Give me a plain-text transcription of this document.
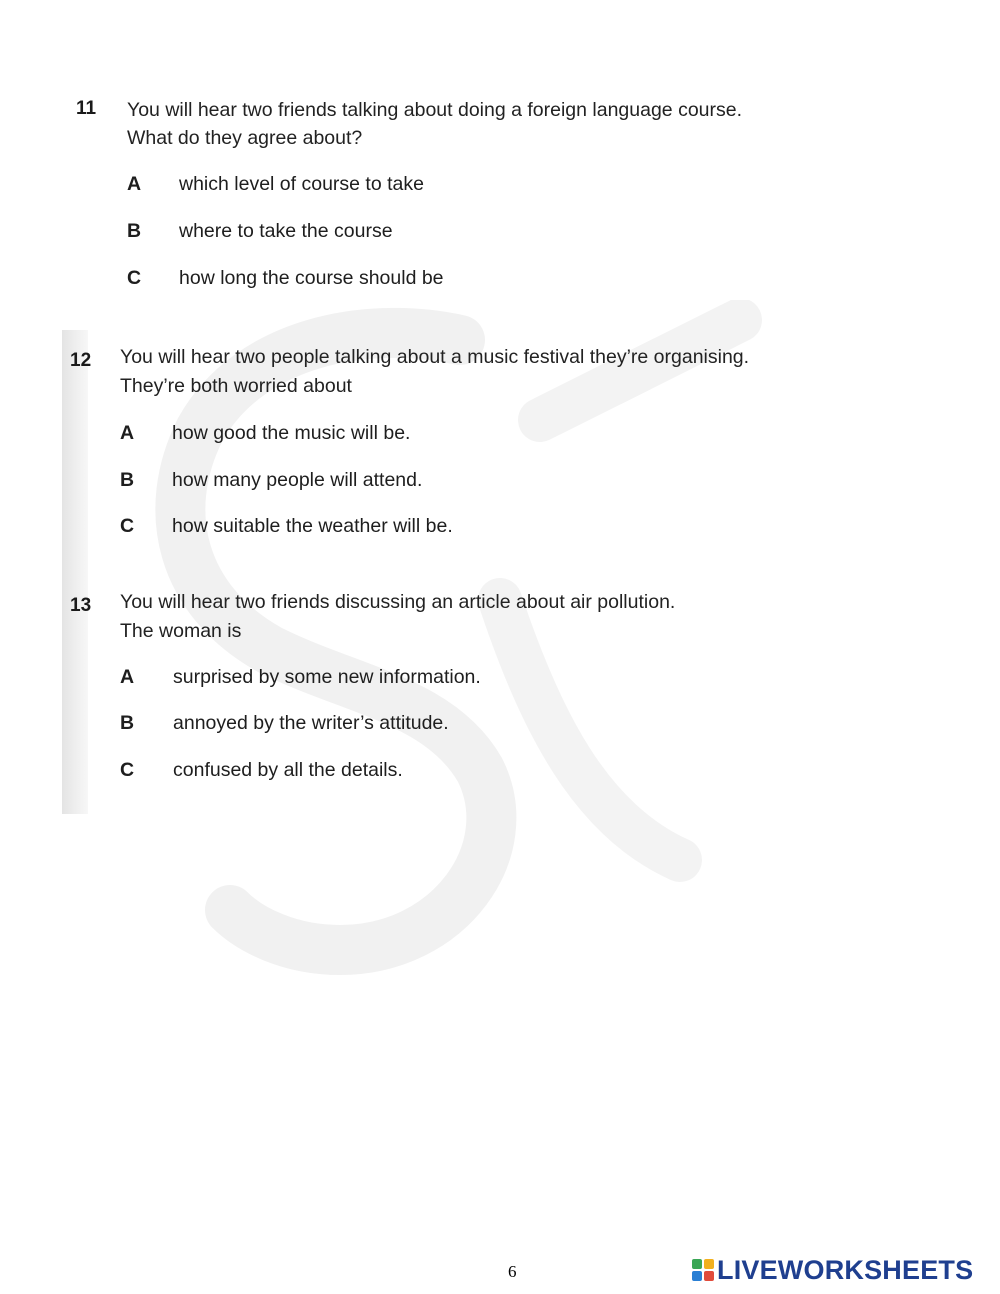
11 You will hear two friends talking about doing a foreign language course.
What do they agree about?
A which level of course to take
B where to take the course
C how long the course should be
12 You will hear two people talking about a music festival they’re organising.
They’re both worried about
A how good the music will be.
B how many people will attend.
C how suitable the weather will be.
13 You will hear two friends discussing an article about air pollution.
The woman is
A surprised by some new information.
B annoyed by the writer’s attitude.
C confused by all the details.
6	LIVEWORKSHEETS
